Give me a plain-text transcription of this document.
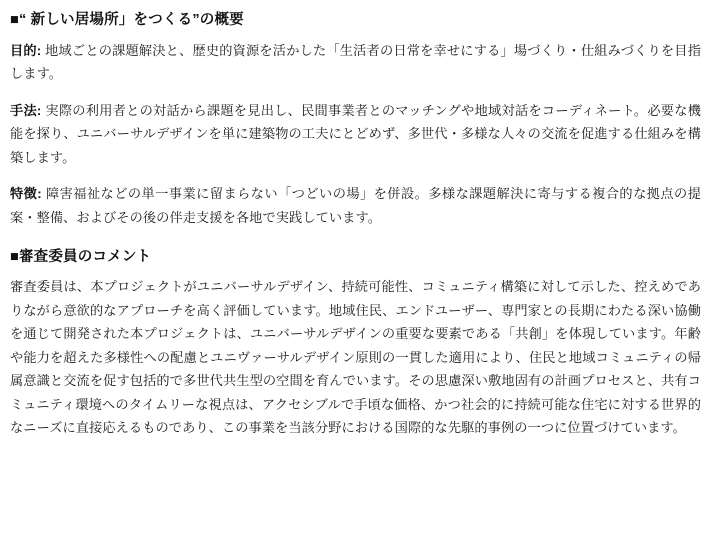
■“ 新しい居場所」をつくる”の概要

目的: 地域ごとの課題解決と、歴史的資源を活かした「生活者の日常を幸せにする」場づくり・仕組みづくりを目指します。

手法: 実際の利用者との対話から課題を見出し、民間事業者とのマッチングや地域対話をコーディネート。必要な機能を探り、ユニバーサルデザインを単に建築物の工夫にとどめず、多世代・多様な人々の交流を促進する仕組みを構築します。

特徴: 障害福祉などの単一事業に留まらない「つどいの場」を併設。多様な課題解決に寄与する複合的な拠点の提案・整備、およびその後の伴走支援を各地で実践しています。

■審査委員のコメント

審査委員は、本プロジェクトがユニバーサルデザイン、持続可能性、コミュニティ構築に対して示した、控えめでありながら意欲的なアプローチを高く評価しています。地域住民、エンドユーザー、専門家との長期にわたる深い協働を通じて開発された本プロジェクトは、ユニバーサルデザインの重要な要素である「共創」を体現しています。年齢や能力を超えた多様性への配慮とユニヴァーサルデザイン原則の一貫した適用により、住民と地域コミュニティの帰属意識と交流を促す包括的で多世代共生型の空間を育んでいます。その思慮深い敷地固有の計画プロセスと、共有コミュニティ環境へのタイムリーな視点は、アクセシブルで手頃な価格、かつ社会的に持続可能な住宅に対する世界的なニーズに直接応えるものであり、この事業を当該分野における国際的な先駆的事例の一つに位置づけています。
